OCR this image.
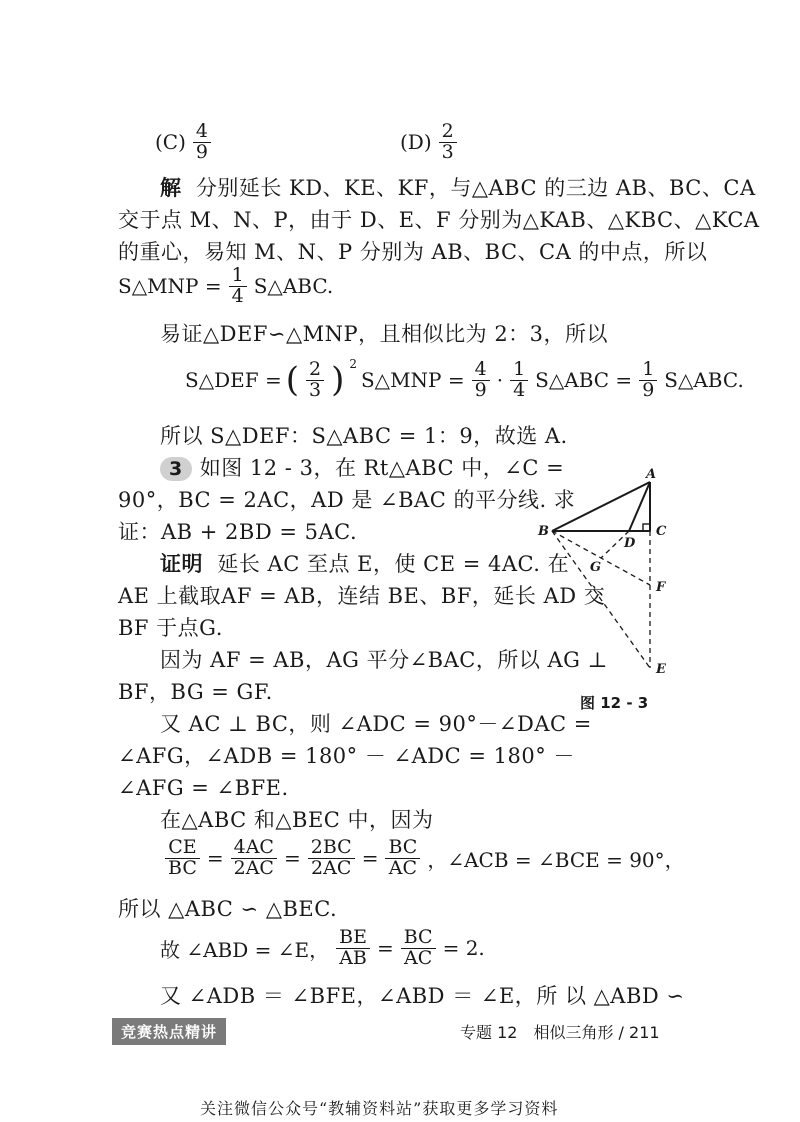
$(C) \frac{4}{9}$	$(D) \frac{2}{3}$
解 分别延长 KD、KE、KF，与△ABC 的三边 AB、BC、CA
交于点 M、N、P，由于 D、E、F 分别为△KAB、△KBC、△KCA
的重心，易知 M、N、P 分别为 AB、BC、CA 的中点，所以
S△MNP = $\frac{1}{4}$ S△ABC.
易证△DEF∽△MNP，且相似比为 2：3，所以
S△DEF = ( $\frac{2}{3}$ ) $^2$
S△MNP = $\frac{4}{9} \cdot \frac{1}{4}$ S△ABC = $\frac{1}{9}$ S△ABC.
所以 S△DEF：S△ABC = 1：9，故选 A.
3 如图 12 - 3，在 Rt△ABC 中，∠C =
90°，BC = 2AC，AD 是 ∠BAC 的平分线. 求
证：AB + 2BD = 5AC.
证明 延长 AC 至点 E，使 CE = 4AC. 在
AE 上截取AF = AB，连结 BE、BF，延长 AD 交
BF 于点G.
因为 AF = AB，AG 平分∠BAC，所以 AG ⊥
BF，BG = GF.
又 AC ⊥ BC，则 ∠ADC = 90°－∠DAC =
∠AFG，∠ADB = 180° － ∠ADC = 180° －
∠AFG = ∠BFE.
在△ABC 和△BEC 中，因为
$\frac{CE}{BC} = \frac{4AC}{2AC} = \frac{2BC}{2AC} = \frac{BC}{AC}$ ，∠ACB = ∠BCE = 90°，
所以 △ABC ∽ △BEC.
故 ∠ABD = ∠E， $\frac{BE}{AB} = \frac{BC}{AC} = 2$.
又 ∠ADB ＝ ∠BFE，∠ABD ＝ ∠E，所 以 △ABD ∽
A
B	C
D
G
F
E
图 12 - 3
竞赛热点精讲	专题 12　相似三角形 / 211
关注微信公众号“教辅资料站”获取更多学习资料
